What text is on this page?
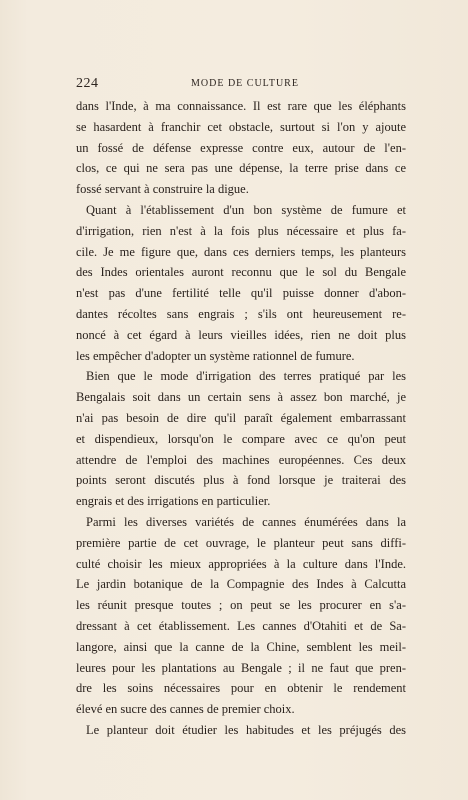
224	MODE DE CULTURE
dans l'Inde, à ma connaissance. Il est rare que les éléphants
se hasardent à franchir cet obstacle, surtout si l'on y ajoute
un fossé de défense expresse contre eux, autour de l'en-
clos, ce qui ne sera pas une dépense, la terre prise dans ce
fossé servant à construire la digue.
Quant à l'établissement d'un bon système de fumure et
d'irrigation, rien n'est à la fois plus nécessaire et plus fa-
cile. Je me figure que, dans ces derniers temps, les planteurs
des Indes orientales auront reconnu que le sol du Bengale
n'est pas d'une fertilité telle qu'il puisse donner d'abon-
dantes récoltes sans engrais ; s'ils ont heureusement re-
noncé à cet égard à leurs vieilles idées, rien ne doit plus
les empêcher d'adopter un système rationnel de fumure.
Bien que le mode d'irrigation des terres pratiqué par les
Bengalais soit dans un certain sens à assez bon marché, je
n'ai pas besoin de dire qu'il paraît également embarrassant
et dispendieux, lorsqu'on le compare avec ce qu'on peut
attendre de l'emploi des machines européennes. Ces deux
points seront discutés plus à fond lorsque je traiterai des
engrais et des irrigations en particulier.
Parmi les diverses variétés de cannes énumérées dans la
première partie de cet ouvrage, le planteur peut sans diffi-
culté choisir les mieux appropriées à la culture dans l'Inde.
Le jardin botanique de la Compagnie des Indes à Calcutta
les réunit presque toutes ; on peut se les procurer en s'a-
dressant à cet établissement. Les cannes d'Otahiti et de Sa-
langore, ainsi que la canne de la Chine, semblent les meil-
leures pour les plantations au Bengale ; il ne faut que pren-
dre les soins nécessaires pour en obtenir le rendement
élevé en sucre des cannes de premier choix.
Le planteur doit étudier les habitudes et les préjugés des
